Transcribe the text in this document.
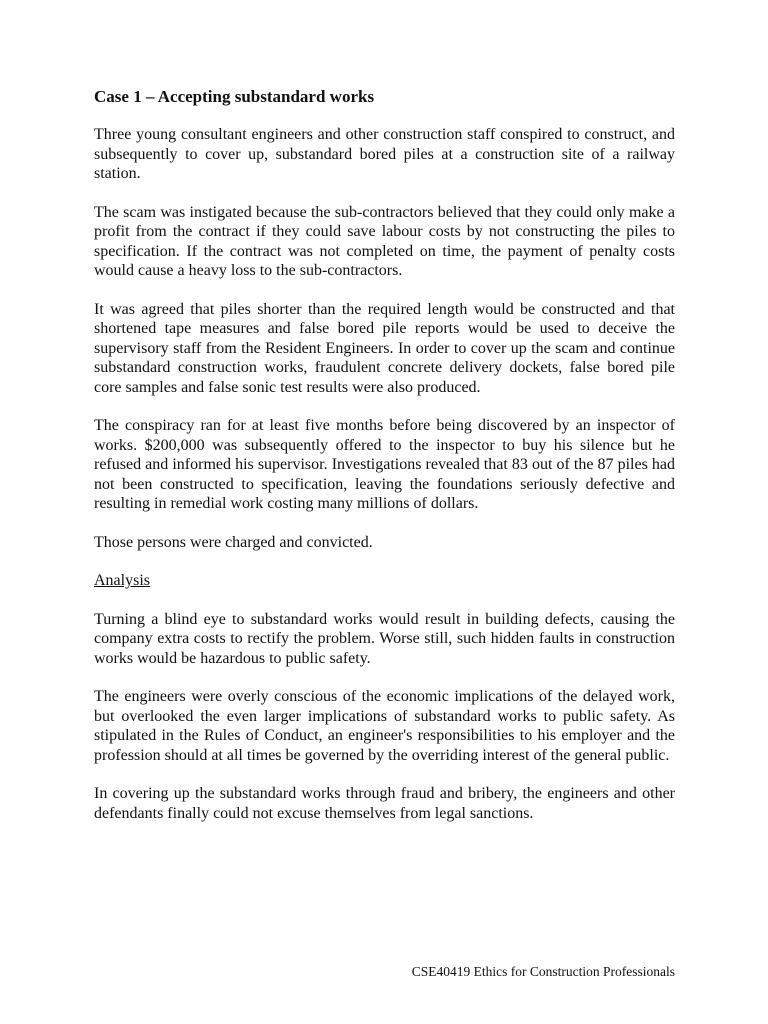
Case 1 – Accepting substandard works

Three young consultant engineers and other construction staff conspired to construct, and subsequently to cover up, substandard bored piles at a construction site of a railway station.

The scam was instigated because the sub-contractors believed that they could only make a profit from the contract if they could save labour costs by not constructing the piles to specification. If the contract was not completed on time, the payment of penalty costs would cause a heavy loss to the sub-contractors.

It was agreed that piles shorter than the required length would be constructed and that shortened tape measures and false bored pile reports would be used to deceive the supervisory staff from the Resident Engineers. In order to cover up the scam and continue substandard construction works, fraudulent concrete delivery dockets, false bored pile core samples and false sonic test results were also produced.

The conspiracy ran for at least five months before being discovered by an inspector of works. $200,000 was subsequently offered to the inspector to buy his silence but he refused and informed his supervisor. Investigations revealed that 83 out of the 87 piles had not been constructed to specification, leaving the foundations seriously defective and resulting in remedial work costing many millions of dollars.

Those persons were charged and convicted.

Analysis

Turning a blind eye to substandard works would result in building defects, causing the company extra costs to rectify the problem. Worse still, such hidden faults in construction works would be hazardous to public safety.

The engineers were overly conscious of the economic implications of the delayed work, but overlooked the even larger implications of substandard works to public safety. As stipulated in the Rules of Conduct, an engineer's responsibilities to his employer and the profession should at all times be governed by the overriding interest of the general public.

In covering up the substandard works through fraud and bribery, the engineers and other defendants finally could not excuse themselves from legal sanctions.

CSE40419 Ethics for Construction Professionals
